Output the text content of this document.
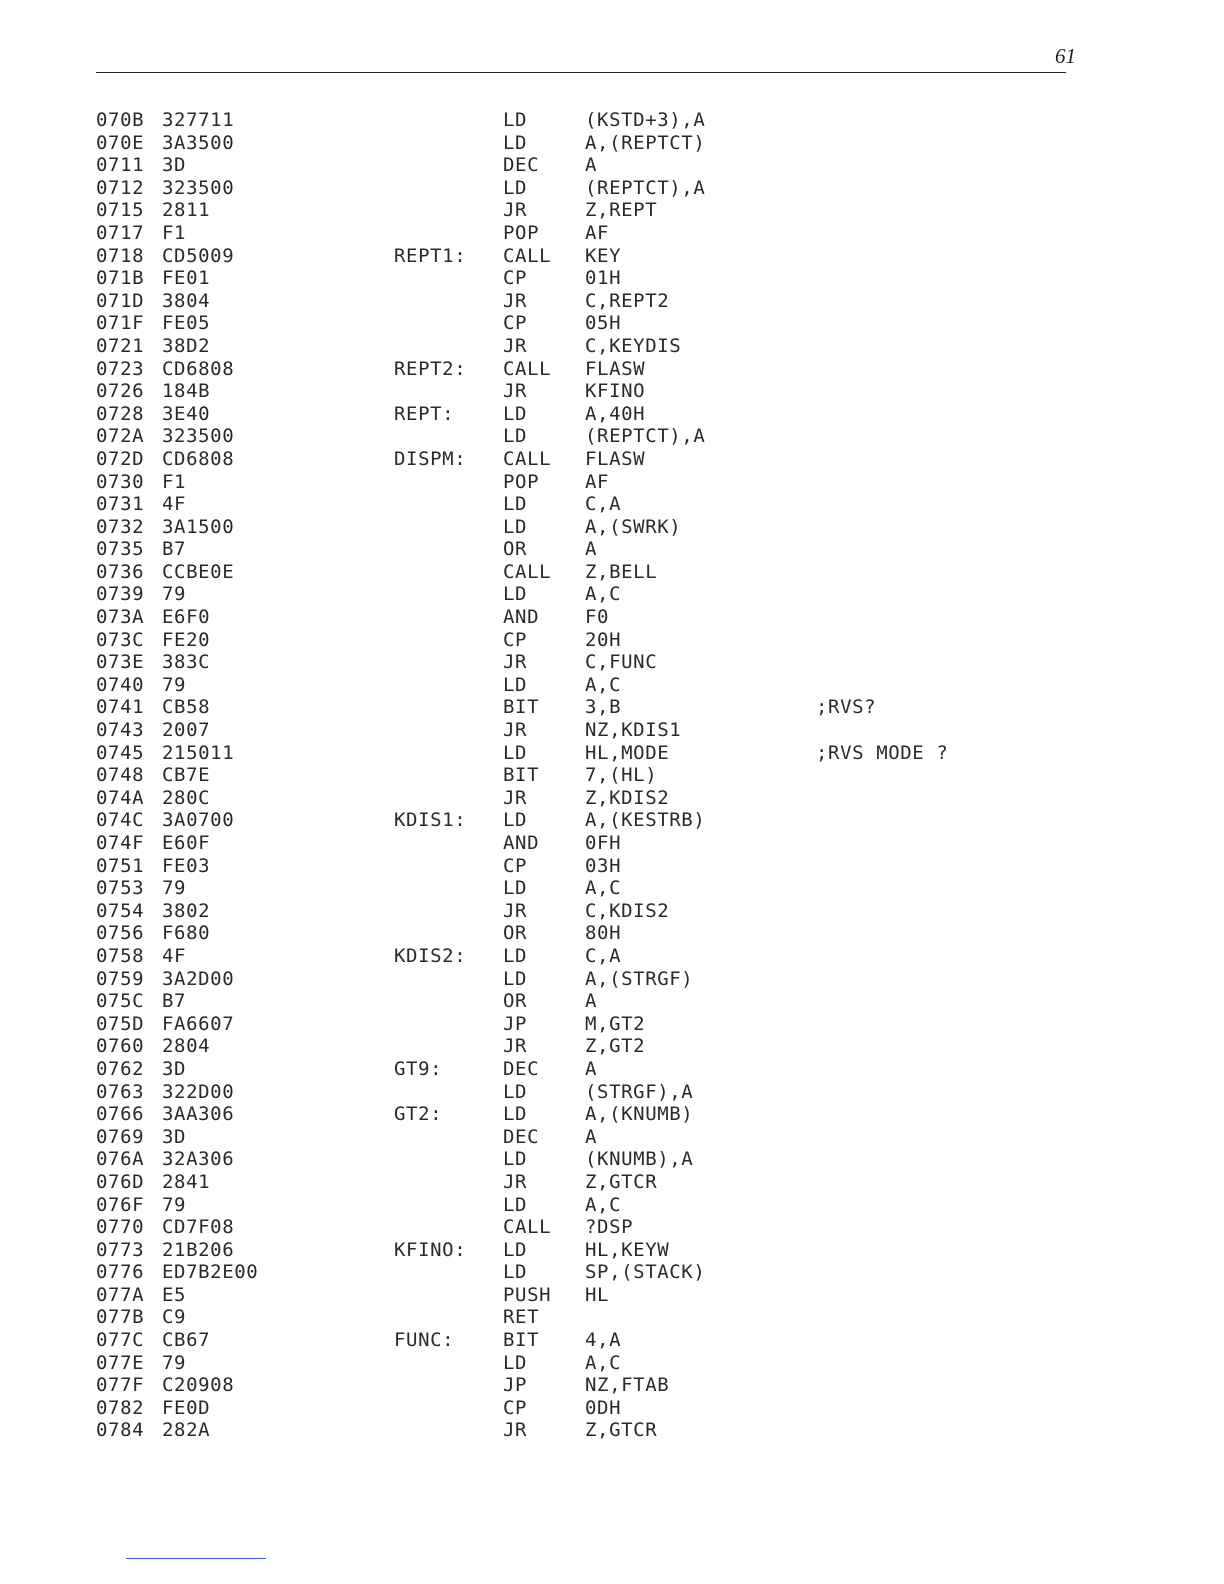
61
070B 327711	LD	(KSTD+3),A
070E 3A3500	LD	A,(REPTCT)
0711 3D	DEC A
0712 323500	LD	(REPTCT),A
0715 2811	JR	Z,REPT
0717 F1	POP AF
0718 CD5009	REPT1: CALL KEY
071B FE01	CP	01H
071D 3804	JR	C,REPT2
071F FE05	CP	05H
0721 38D2	JR	C,KEYDIS
0723 CD6808	REPT2: CALL FLASW
0726 184B	JR	KFINO
0728 3E40	REPT:	LD	A,40H
072A 323500	LD	(REPTCT),A
072D CD6808	DISPM: CALL FLASW
0730 F1	POP AF
0731 4F	LD	C,A
0732 3A1500	LD	A,(SWRK)
0735 B7	OR	A
0736 CCBE0E	CALL Z,BELL
0739 79	LD	A,C
073A E6F0	AND F0
073C FE20	CP	20H
073E 383C	JR	C,FUNC
0740 79	LD	A,C
0741 CB58	BIT 3,B	;RVS?
0743 2007	JR	NZ,KDIS1
0745 215011	LD	HL,MODE	;RVS MODE ?
0748 CB7E	BIT 7,(HL)
074A 280C	JR	Z,KDIS2
074C 3A0700	KDIS1: LD	A,(KESTRB)
074F E60F	AND 0FH
0751 FE03	CP	03H
0753 79	LD	A,C
0754 3802	JR	C,KDIS2
0756 F680	OR	80H
0758 4F	KDIS2: LD	C,A
0759 3A2D00	LD	A,(STRGF)
075C B7	OR	A
075D FA6607	JP	M,GT2
0760 2804	JR	Z,GT2
0762 3D	GT9:	DEC A
0763 322D00	LD	(STRGF),A
0766 3AA306	GT2:	LD	A,(KNUMB)
0769 3D	DEC A
076A 32A306	LD	(KNUMB),A
076D 2841	JR	Z,GTCR
076F 79	LD	A,C
0770 CD7F08	CALL ?DSP
0773 21B206	KFINO: LD	HL,KEYW
0776 ED7B2E00	LD	SP,(STACK)
077A E5	PUSH HL
077B C9	RET
077C CB67	FUNC:	BIT 4,A
077E 79	LD	A,C
077F C20908	JP	NZ,FTAB
0782 FE0D	CP	0DH
0784 282A	JR	Z,GTCR
